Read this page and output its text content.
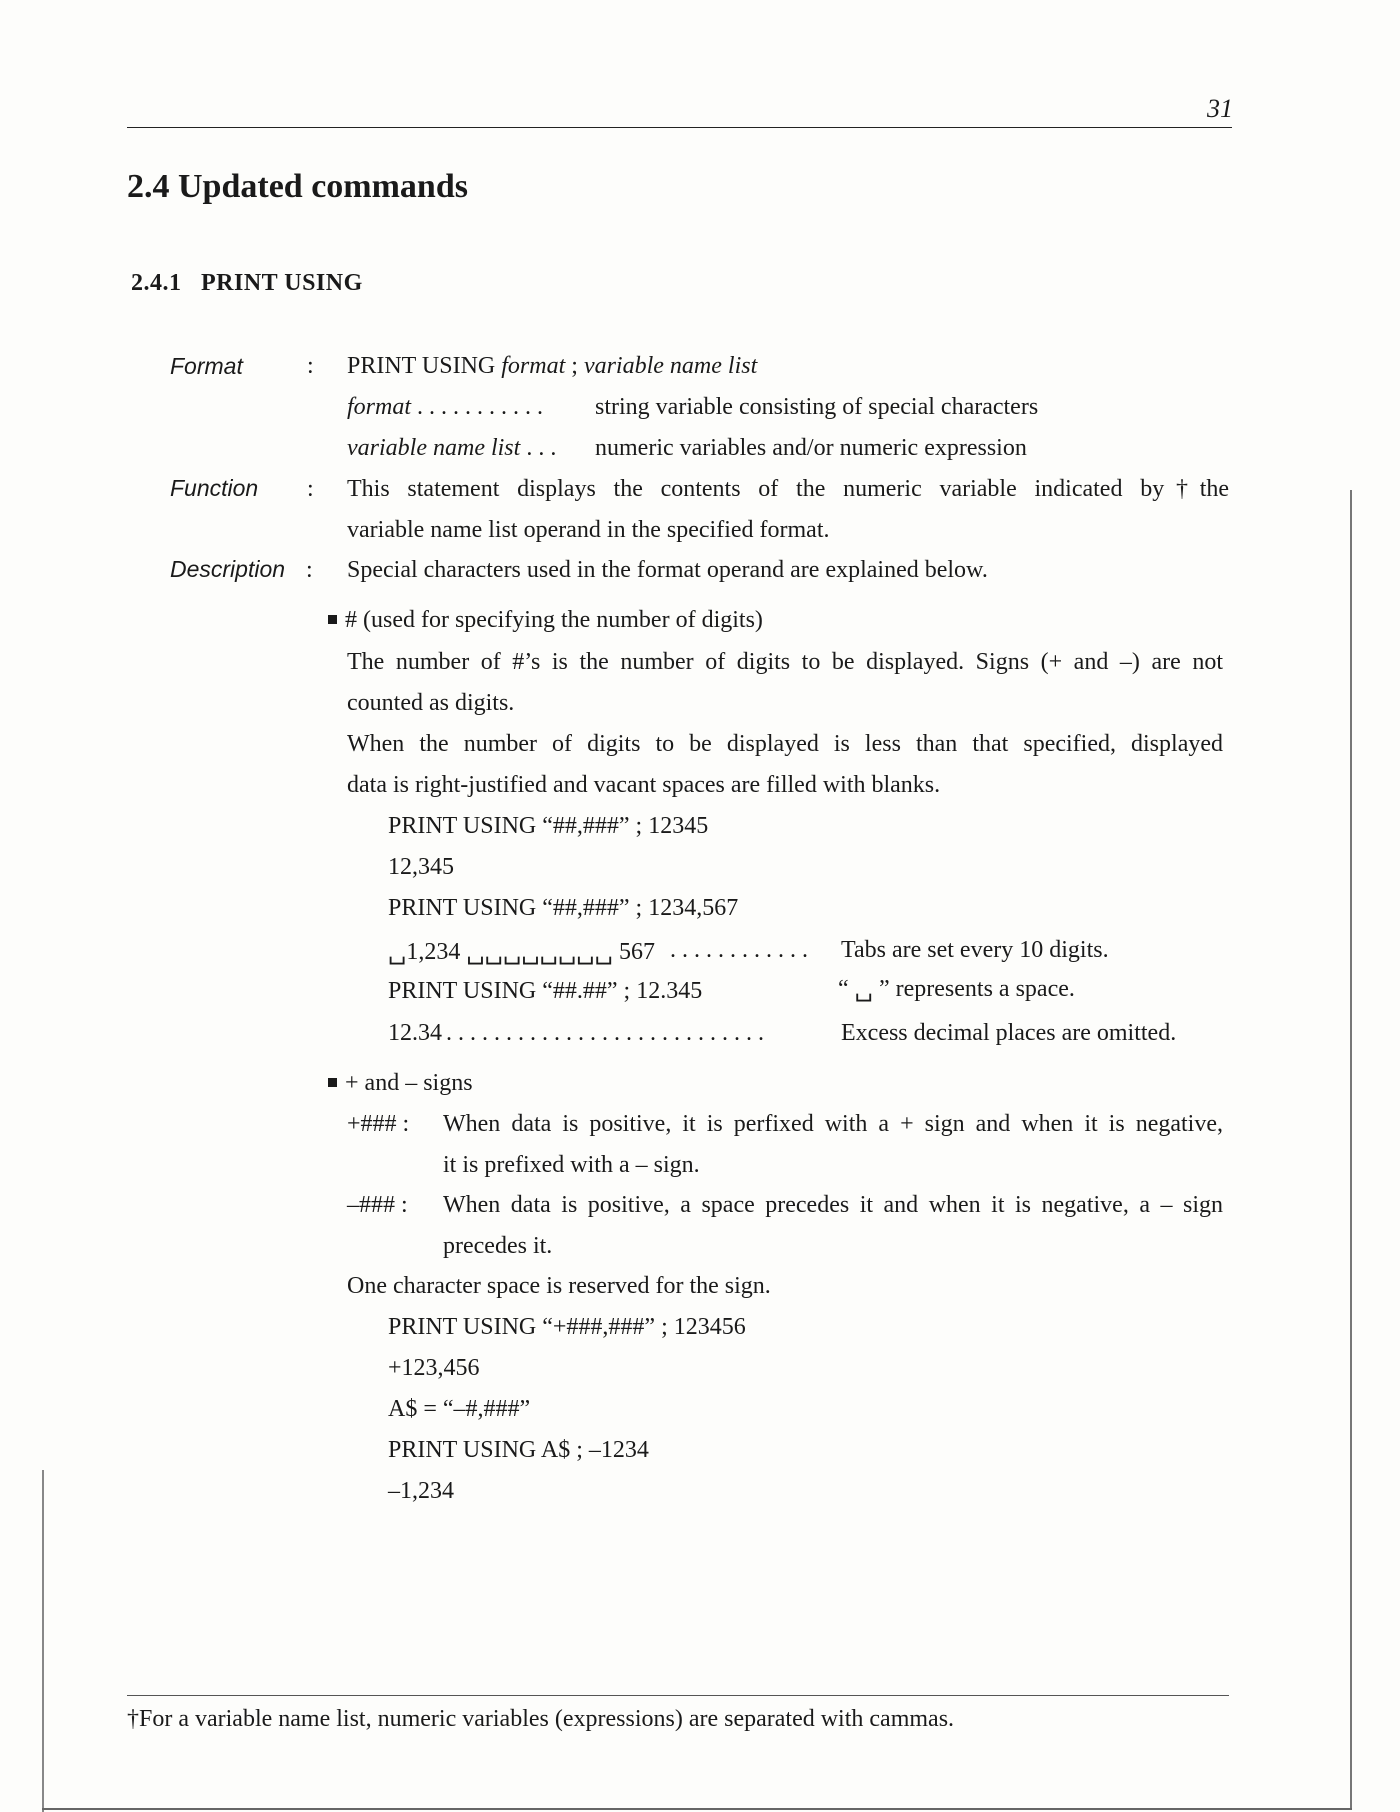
31
2.4 Updated commands
2.4.1 PRINT USING
Format	: PRINT USING format ; variable name list
format . . . . . . . . . . . string variable consisting of special characters
variable name list . . . numeric variables and/or numeric expression
Function : This statement displays the contents of the numeric variable indicated by†the
variable name list operand in the specified format.
Description : Special characters used in the format operand are explained below.
# (used for specifying the number of digits)
The number of #’s is the number of digits to be displayed. Signs (+ and –) are not
counted as digits.
When the number of digits to be displayed is less than that specified, displayed
data is right-justified and vacant spaces are filled with blanks.
PRINT USING “##,###” ; 12345
12,345
PRINT USING “##,###” ; 1234,567
␣1,234 ␣␣␣␣␣␣␣␣ 567 . . . . . . . . . . . . Tabs are set every 10 digits.
PRINT USING “##.##” ; 12.345	“ ␣ ” represents a space.
12.34 . . . . . . . . . . . . . . . . . . . . . . . . . . .	Excess decimal places are omitted.
+ and – signs
+### : When data is positive, it is perfixed with a + sign and when it is negative,
it is prefixed with a – sign.
–### : When data is positive, a space precedes it and when it is negative, a – sign
precedes it.
One character space is reserved for the sign.
PRINT USING “+###,###” ; 123456
+123,456
A$ = “–#,###”
PRINT USING A$ ; –1234
–1,234
†For a variable name list, numeric variables (expressions) are separated with cammas.
